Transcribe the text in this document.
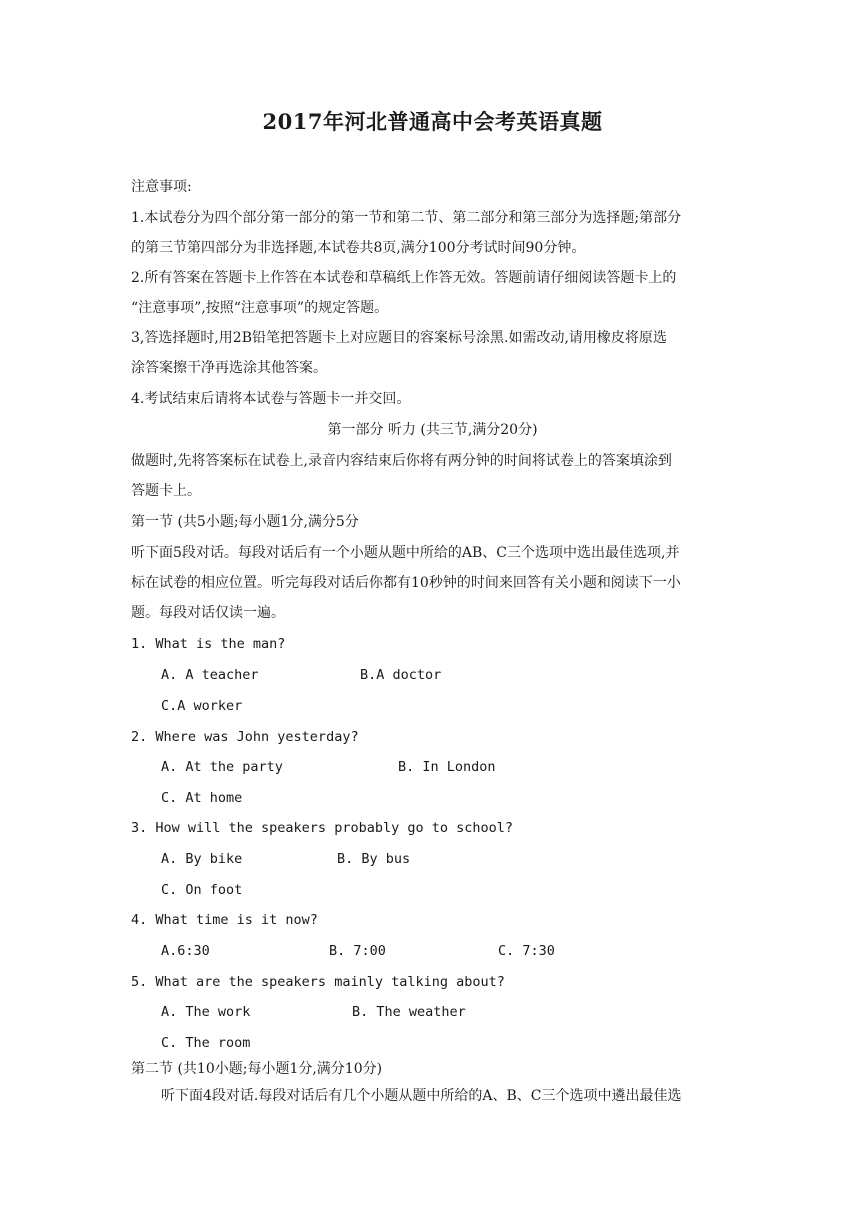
2017年河北普通高中会考英语真题
注意事项:
1.本试卷分为四个部分第一部分的第一节和第二节、第二部分和第三部分为选择题;第部分
的第三节第四部分为非选择题,本试卷共8页,满分100分考试时间90分钟。
2.所有答案在答题卡上作答在本试卷和草稿纸上作答无效。答题前请仔细阅读答题卡上的
“注意事项”,按照“注意事项”的规定答题。
3,答选择题时,用2B铅笔把答题卡上对应题目的容案标号涂黑.如需改动,请用橡皮将原选
涂答案擦干净再选涂其他答案。
4.考试结束后请将本试卷与答题卡一并交回。
第一部分 听力 (共三节,满分20分)
做题时,先将答案标在试卷上,录音内容结束后你将有两分钟的时间将试卷上的答案填涂到
答题卡上。
第一节 (共5小题;每小题1分,满分5分
听下面5段对话。每段对话后有一个小题从题中所给的AB、C三个选项中选出最佳选项,并
标在试卷的相应位置。听完每段对话后你都有10秒钟的时间来回答有关小题和阅读下一小
题。每段对话仅读一遍。
1. What is the man?
A. A teacher	B.A doctor
C.A worker
2. Where was John yesterday?
A. At the party	B. In London
C. At home
3. How will the speakers probably go to school?
A. By bike	B. By bus
C. On foot
4. What time is it now?
A.6:30	B. 7:00	C. 7:30
5. What are the speakers mainly talking about?
A. The work	B. The weather
C. The room
第二节 (共10小题;每小题1分,满分10分)
听下面4段对话.每段对话后有几个小题从题中所给的A、B、C三个选项中遴出最佳选
